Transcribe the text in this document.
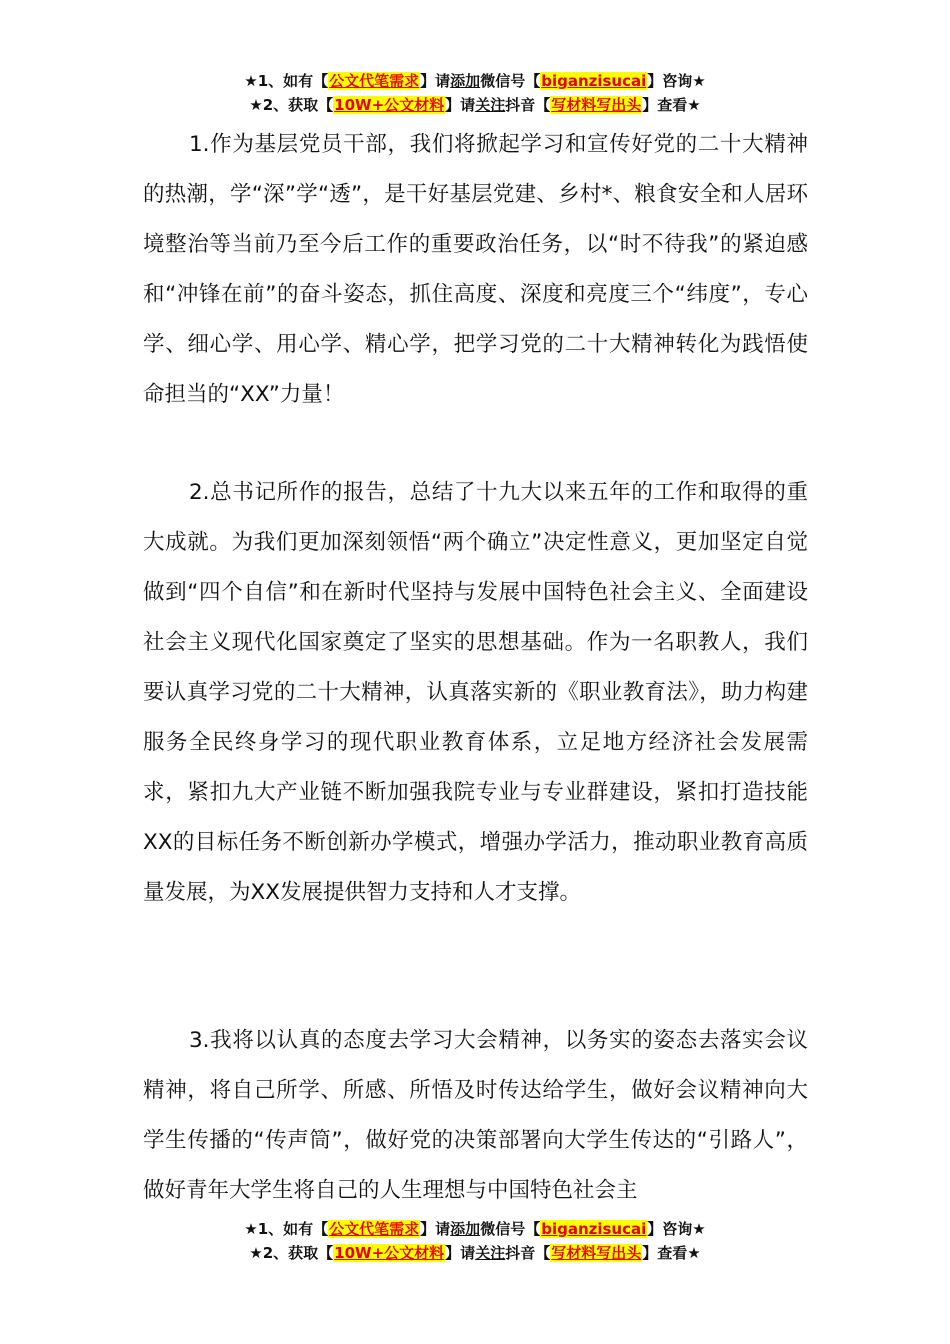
★1、如有【公文代笔需求】请添加微信号【biganzisucai】咨询★
★2、获取【10W+公文材料】请关注抖音【写材料写出头】查看★

1.作为基层党员干部，我们将掀起学习和宣传好党的二十大精神的热潮，学“深”学“透”，是干好基层党建、乡村*、粮食安全和人居环境整治等当前乃至今后工作的重要政治任务，以“时不待我”的紧迫感和“冲锋在前”的奋斗姿态，抓住高度、深度和亮度三个“纬度”，专心学、细心学、用心学、精心学，把学习党的二十大精神转化为践悟使命担当的“XX”力量！

2.总书记所作的报告，总结了十九大以来五年的工作和取得的重大成就。为我们更加深刻领悟“两个确立”决定性意义，更加坚定自觉做到“四个自信”和在新时代坚持与发展中国特色社会主义、全面建设社会主义现代化国家奠定了坚实的思想基础。作为一名职教人，我们要认真学习党的二十大精神，认真落实新的《职业教育法》，助力构建服务全民终身学习的现代职业教育体系，立足地方经济社会发展需求，紧扣九大产业链不断加强我院专业与专业群建设，紧扣打造技能XX的目标任务不断创新办学模式，增强办学活力，推动职业教育高质量发展，为XX发展提供智力支持和人才支撑。

3.我将以认真的态度去学习大会精神，以务实的姿态去落实会议精神，将自己所学、所感、所悟及时传达给学生，做好会议精神向大学生传播的“传声筒”，做好党的决策部署向大学生传达的“引路人”，做好青年大学生将自己的人生理想与中国特色社会主

★1、如有【公文代笔需求】请添加微信号【biganzisucai】咨询★
★2、获取【10W+公文材料】请关注抖音【写材料写出头】查看★
